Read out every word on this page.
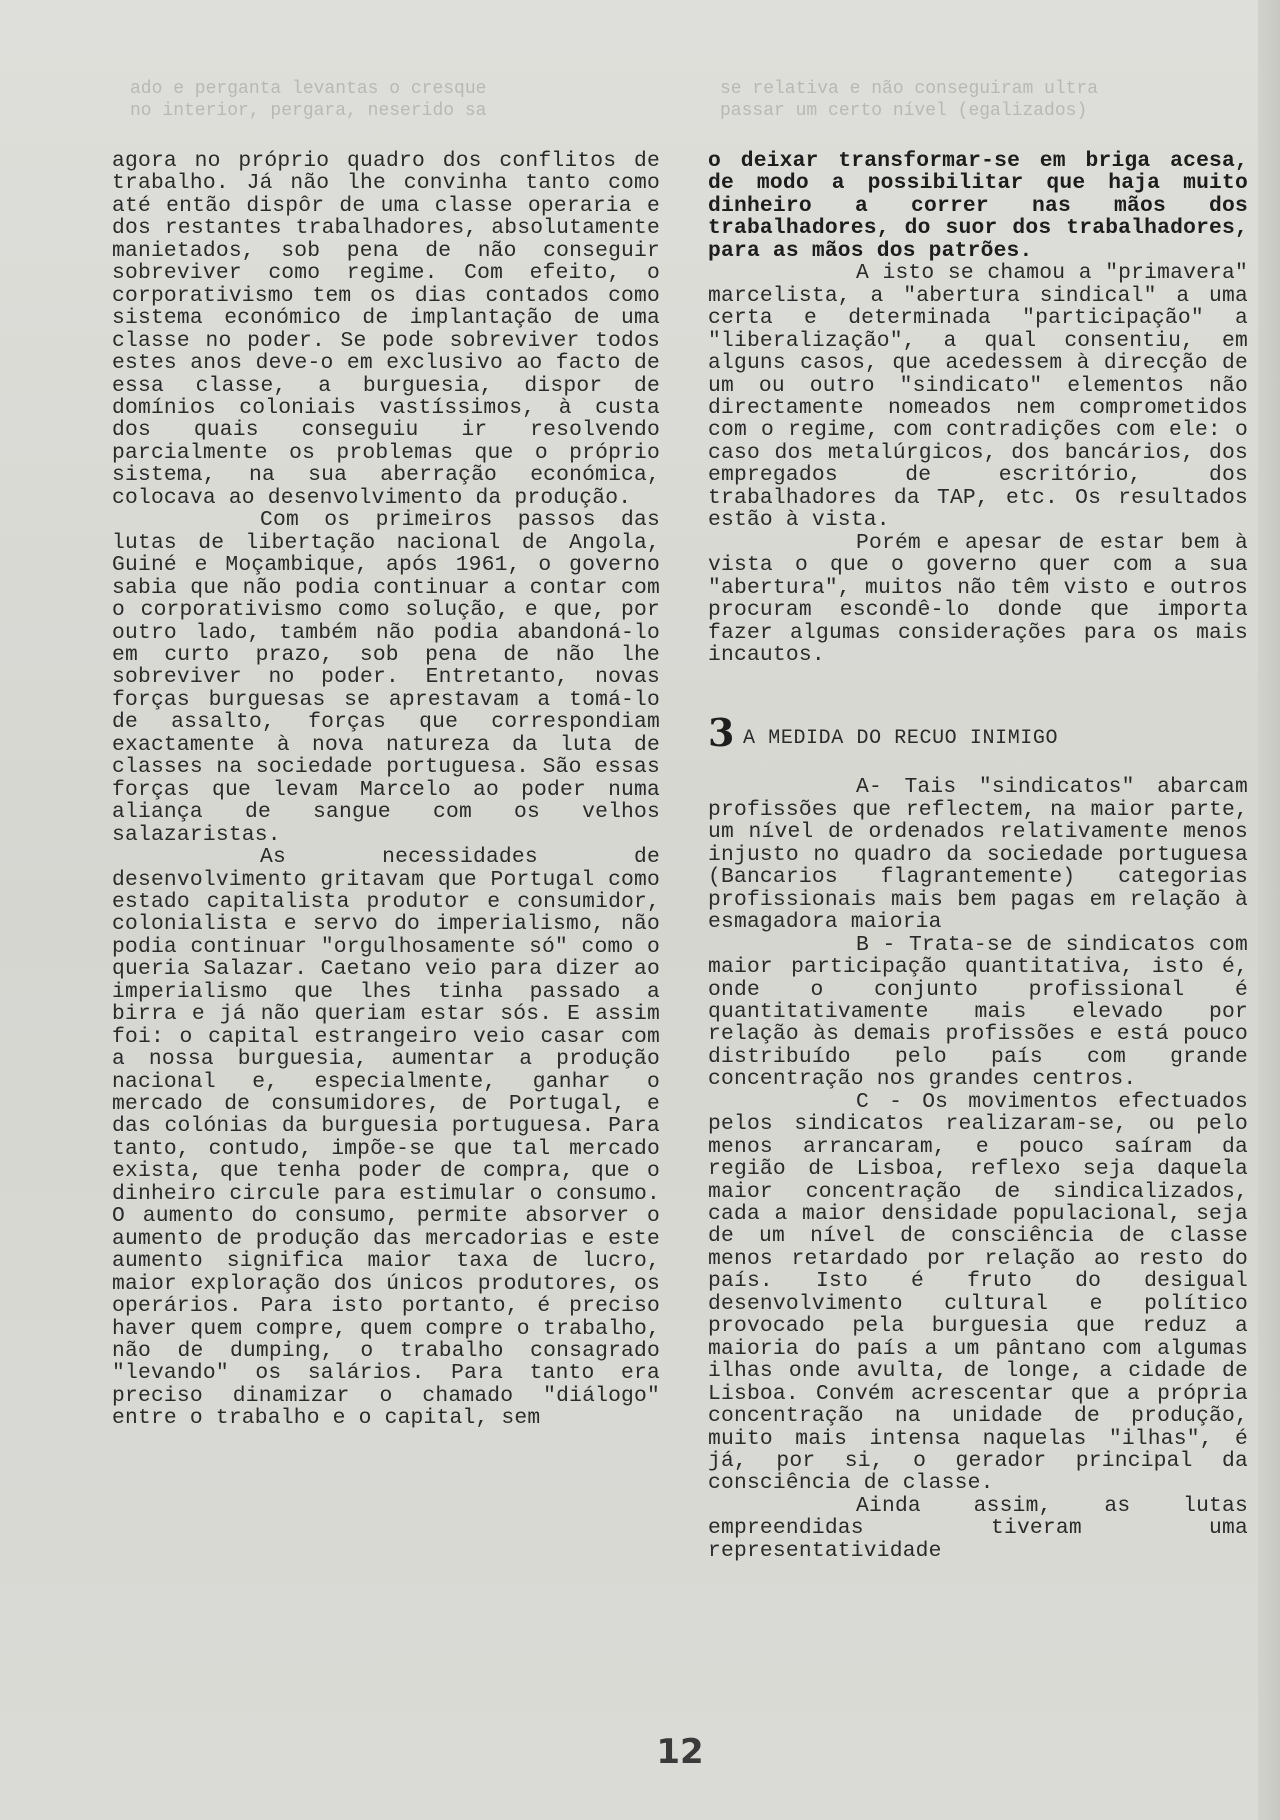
ado e perganta levantas o cresque
no interior, pergara, neserido sa
se relativa e não conseguiram ultra
passar um certo nível (egalizados)

agora no próprio quadro dos conflitos de trabalho. Já não lhe convinha tanto como até então dispôr de uma classe operaria e dos restantes trabalhadores, absolutamente manietados, sob pena de não conseguir sobreviver como regime. Com efeito, o corporativismo tem os dias contados como sistema económico de implantação de uma classe no poder. Se pode sobreviver todos estes anos deve-o em exclusivo ao facto de essa classe, a burguesia, dispor de domínios coloniais vastíssimos, à custa dos quais conseguiu ir resolvendo parcialmente os problemas que o próprio sistema, na sua aberração económica, colocava ao desenvolvimento da produção.

Com os primeiros passos das lutas de libertação nacional de Angola, Guiné e Moçambique, após 1961, o governo sabia que não podia continuar a contar com o corporativismo como solução, e que, por outro lado, também não podia abandoná-lo em curto prazo, sob pena de não lhe sobreviver no poder. Entretanto, novas forças burguesas se aprestavam a tomá-lo de assalto, forças que correspondiam exactamente à nova natureza da luta de classes na sociedade portuguesa. São essas forças que levam Marcelo ao poder numa aliança de sangue com os velhos salazaristas.

As necessidades de desenvolvimento gritavam que Portugal como estado capitalista produtor e consumidor, colonialista e servo do imperialismo, não podia continuar "orgulhosamente só" como o queria Salazar. Caetano veio para dizer ao imperialismo que lhes tinha passado a birra e já não queriam estar sós. E assim foi: o capital estrangeiro veio casar com a nossa burguesia, aumentar a produção nacional e, especialmente, ganhar o mercado de consumidores, de Portugal, e das colónias da burguesia portuguesa. Para tanto, contudo, impõe-se que tal mercado exista, que tenha poder de compra, que o dinheiro circule para estimular o consumo. O aumento do consumo, permite absorver o aumento de produção das mercadorias e este aumento significa maior taxa de lucro, maior exploração dos únicos produtores, os operários. Para isto portanto, é preciso haver quem compre, quem compre o trabalho, não de dumping, o trabalho consagrado "levando" os salários. Para tanto era preciso dinamizar o chamado "diálogo" entre o trabalho e o capital, sem

o deixar transformar-se em briga acesa, de modo a possibilitar que haja muito dinheiro a correr nas mãos dos trabalhadores, do suor dos trabalhadores, para as mãos dos patrões.

A isto se chamou a "primavera" marcelista, a "abertura sindical" a uma certa e determinada "participação" a "liberalização", a qual consentiu, em alguns casos, que acedessem à direcção de um ou outro "sindicato" elementos não directamente nomeados nem comprometidos com o regime, com contradições com ele: o caso dos metalúrgicos, dos bancários, dos empregados de escritório, dos trabalhadores da TAP, etc. Os resultados estão à vista.

Porém e apesar de estar bem à vista o que o governo quer com a sua "abertura", muitos não têm visto e outros procuram escondê-lo donde que importa fazer algumas considerações para os mais incautos.

3 A MEDIDA DO RECUO INIMIGO

A- Tais "sindicatos" abarcam profissões que reflectem, na maior parte, um nível de ordenados relativamente menos injusto no quadro da sociedade portuguesa (Bancarios flagrantemente) categorias profissionais mais bem pagas em relação à esmagadora maioria

B - Trata-se de sindicatos com maior participação quantitativa, isto é, onde o conjunto profissional é quantitativamente mais elevado por relação às demais profissões e está pouco distribuído pelo país com grande concentração nos grandes centros.

C - Os movimentos efectuados pelos sindicatos realizaram-se, ou pelo menos arrancaram, e pouco saíram da região de Lisboa, reflexo seja daquela maior concentração de sindicalizados, cada a maior densidade populacional, seja de um nível de consciência de classe menos retardado por relação ao resto do país. Isto é fruto do desigual desenvolvimento cultural e político provocado pela burguesia que reduz a maioria do país a um pântano com algumas ilhas onde avulta, de longe, a cidade de Lisboa. Convém acrescentar que a própria concentração na unidade de produção, muito mais intensa naquelas "ilhas", é já, por si, o gerador principal da consciência de classe.

Ainda assim, as lutas empreendidas tiveram uma representatividade

12
